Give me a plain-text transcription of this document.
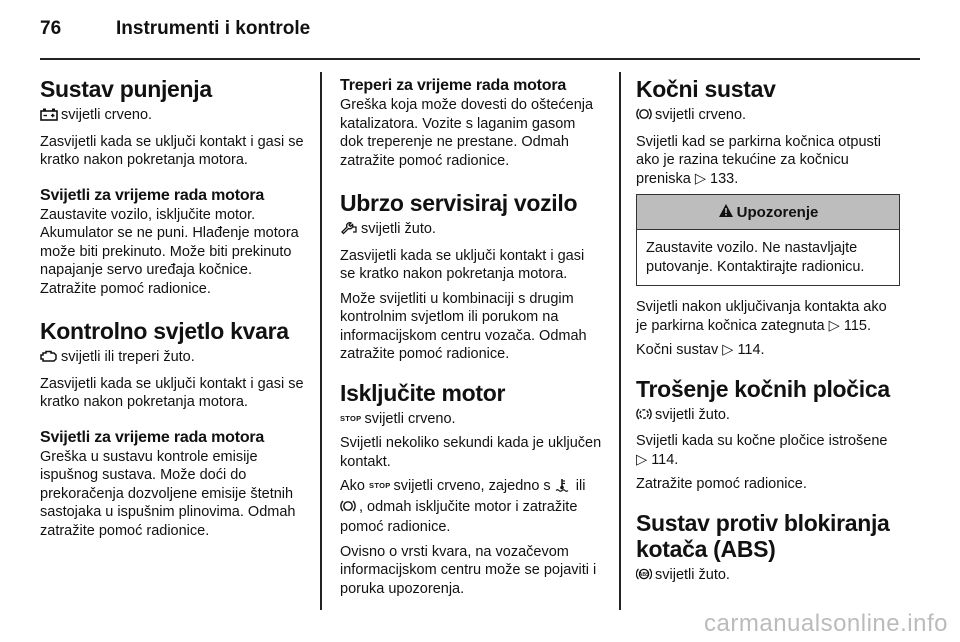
76	Instrumenti i kontrole
Sustav punjenja

svijetli crveno.

Zasvijetli kada se uključi kontakt i gasi se kratko nakon pokretanja motora.

Svijetli za vrijeme rada motora

Zaustavite vozilo, isključite motor. Akumulator se ne puni. Hlađenje motora može biti prekinuto. Može biti prekinuto napajanje servo uređaja kočnice. Zatražite pomoć radionice.

Kontrolno svjetlo kvara

svijetli ili treperi žuto.

Zasvijetli kada se uključi kontakt i gasi se kratko nakon pokretanja motora.

Svijetli za vrijeme rada motora

Greška u sustavu kontrole emisije ispušnog sustava. Može doći do prekoračenja dozvoljene emisije štetnih sastojaka u ispušnim plinovima. Odmah zatražite pomoć radionice.

Treperi za vrijeme rada motora

Greška koja može dovesti do oštećenja katalizatora. Vozite s laganim gasom dok treperenje ne prestane. Odmah zatražite pomoć radionice.

Ubrzo servisiraj vozilo

svijetli žuto.

Zasvijetli kada se uključi kontakt i gasi se kratko nakon pokretanja motora.

Može svijetliti u kombinaciji s drugim kontrolnim svjetlom ili porukom na informacijskom centru vozača. Odmah zatražite pomoć radionice.

Isključite motor

STOP svijetli crveno.

Svijetli nekoliko sekundi kada je uključen kontakt.

Ako STOP svijetli crveno, zajedno s ili , odmah isključite motor i zatražite pomoć radionice.

Ovisno o vrsti kvara, na vozačevom informacijskom centru može se pojaviti i poruka upozorenja.

Kočni sustav

svijetli crveno.

Svijetli kad se parkirna kočnica otpusti ako je razina tekućine za kočnicu preniska ▷ 133.

Upozorenje
Zaustavite vozilo. Ne nastavljajte putovanje. Kontaktirajte radionicu.

Svijetli nakon uključivanja kontakta ako je parkirna kočnica zategnuta ▷ 115.

Kočni sustav ▷ 114.

Trošenje kočnih pločica

svijetli žuto.

Svijetli kada su kočne pločice istrošene ▷ 114.

Zatražite pomoć radionice.

Sustav protiv blokiranja kotača (ABS)

ABS svijetli žuto.

carmanualsonline.info
